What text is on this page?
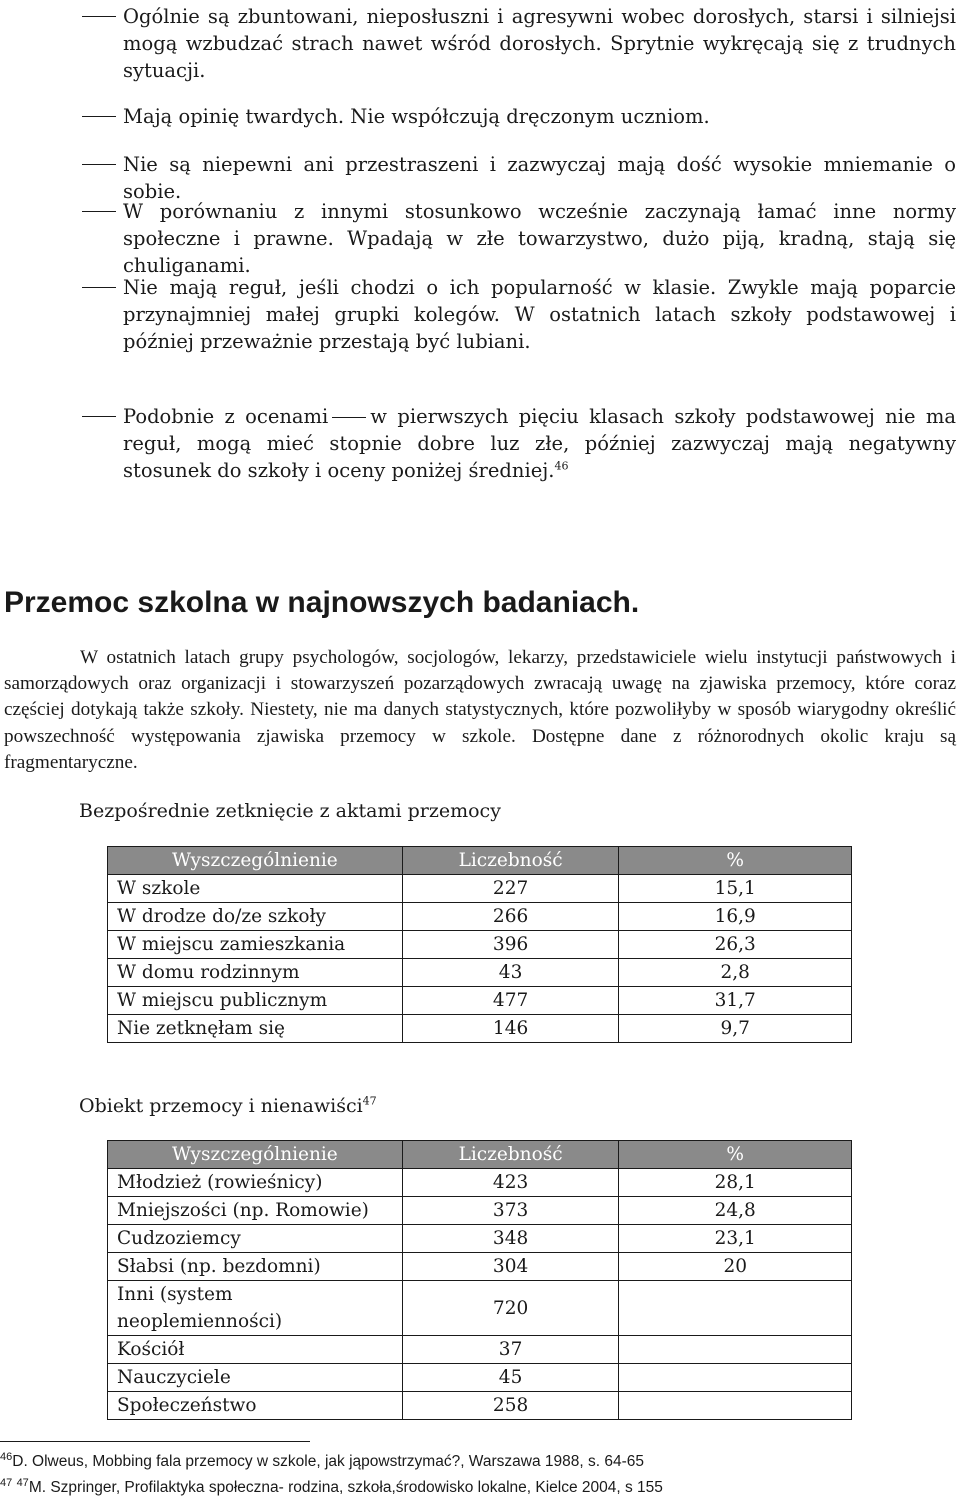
Ogólnie są zbuntowani, nieposłuszni i agresywni wobec dorosłych, starsi i silniejsi mogą wzbudzać strach nawet wśród dorosłych. Sprytnie wykręcają się z trudnych sytuacji.
Mają opinię twardych. Nie współczują dręczonym uczniom.
Nie są niepewni ani przestraszeni i zazwyczaj mają dość wysokie mniemanie o sobie.
W porównaniu z innymi stosunkowo wcześnie zaczynają łamać inne normy społeczne i prawne. Wpadają w złe towarzystwo, dużo piją, kradną, stają się chuliganami.
Nie mają reguł, jeśli chodzi o ich popularność w klasie. Zwykle mają poparcie przynajmniej małej grupki kolegów. W ostatnich latach szkoły podstawowej i później przeważnie przestają być lubiani.
Podobnie z ocenami w pierwszych pięciu klasach szkoły podstawowej nie ma reguł, mogą mieć stopnie dobre luz złe, później zazwyczaj mają negatywny stosunek do szkoły i oceny poniżej średniej.$^{46}$
Przemoc szkolna w najnowszych badaniach.

W ostatnich latach grupy psychologów, socjologów, lekarzy, przedstawiciele wielu instytucji państwowych i samorządowych oraz organizacji i stowarzyszeń pozarządowych zwracają uwagę na zjawiska przemocy, które coraz częściej dotykają także szkoły. Niestety, nie ma danych statystycznych, które pozwoliłyby w sposób wiarygodny określić powszechność występowania zjawiska przemocy w szkole. Dostępne dane z różnorodnych okolic kraju są fragmentaryczne.

Bezpośrednie zetknięcie z aktami przemocy
Wyszczególnienie	Liczebność	%
W szkole	227	15,1
W drodze do/ze szkoły	266	16,9
W miejscu zamieszkania	396	26,3
W domu rodzinnym	43	2,8
W miejscu publicznym	477	31,7
Nie zetknęłam się	146	9,7
Obiekt przemocy i nienawiści$^{47}$
Wyszczególnienie	Liczebność	%
Młodzież (rowieśnicy)	423	28,1
Mniejszości (np. Romowie)	373	24,8
Cudzoziemcy	348	23,1
Słabsi (np. bezdomni)	304	20
Inni (system neoplemienności)	720	
Kościół	37	
Nauczyciele	45	
Społeczeństwo	258	
$^{46}$D. Olweus, Mobbing fala przemocy w szkole, jak jąpowstrzymać?, Warszawa 1988, s. 64-65
$^{47}$ $^{47}$M. Szpringer, Profilaktyka społeczna- rodzina, szkoła,środowisko lokalne, Kielce 2004, s 155
